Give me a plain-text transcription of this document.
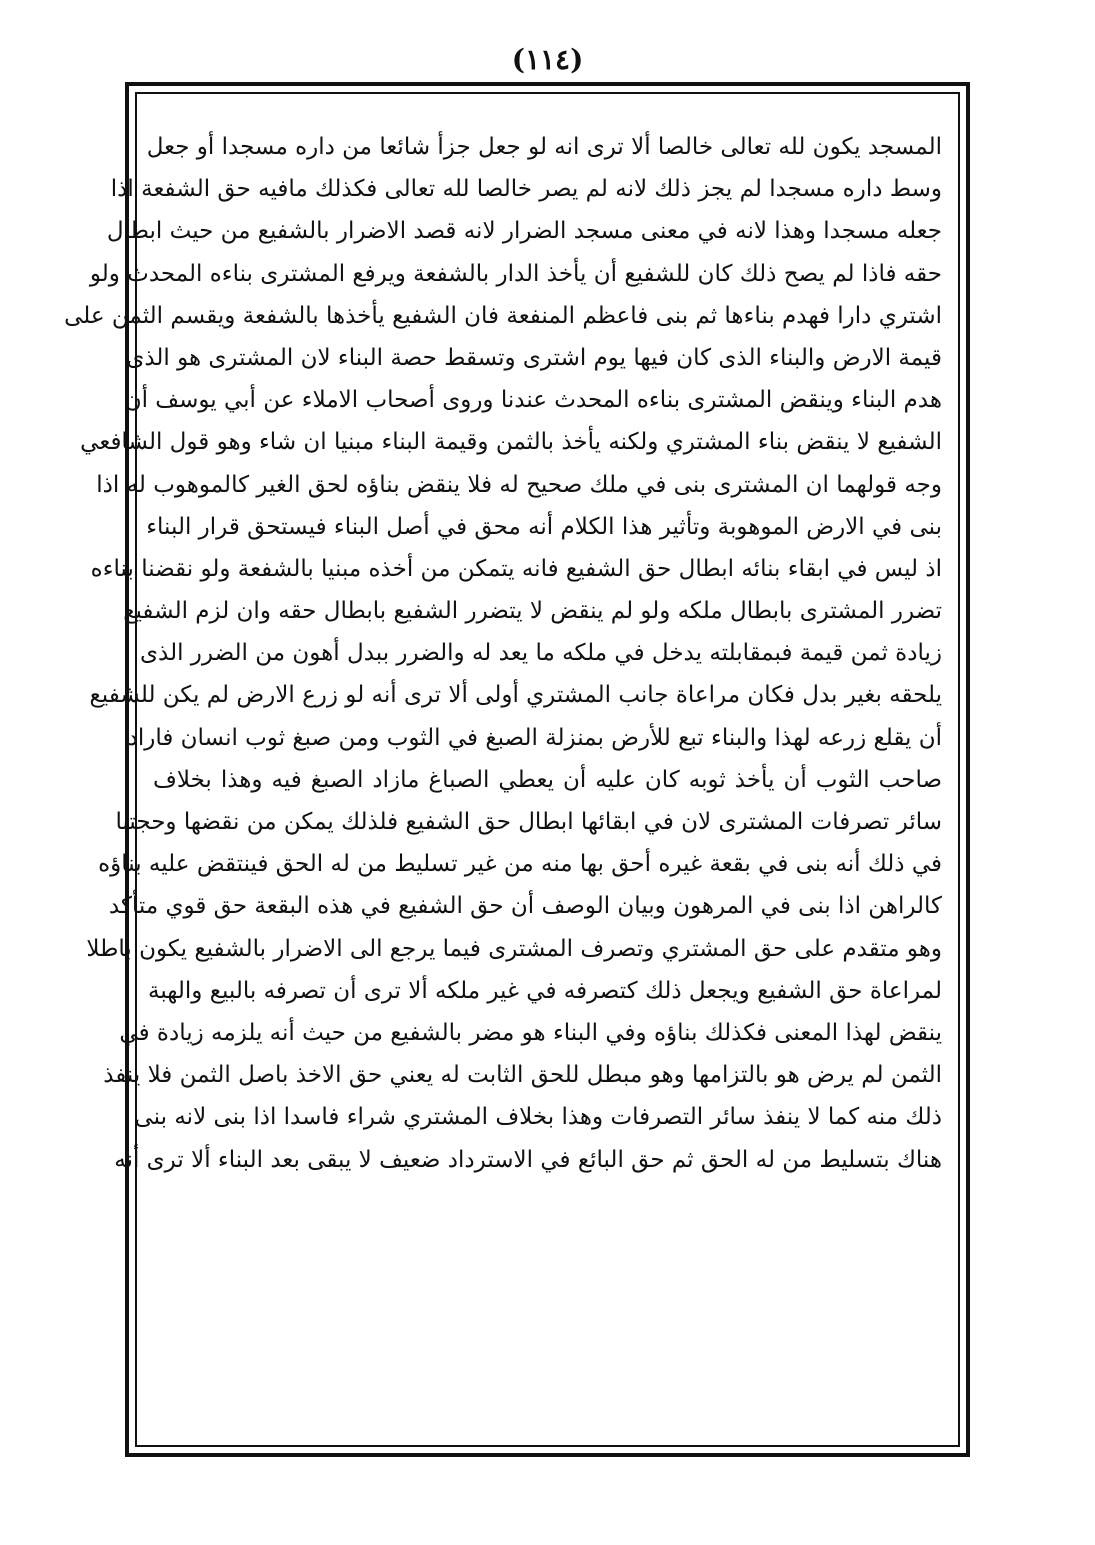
(١١٤)
المسجد يكون لله تعالى خالصا ألا ترى انه لو جعل جزأ شائعا من داره مسجدا أو جعل
وسط داره مسجدا لم يجز ذلك لانه لم يصر خالصا لله تعالى فكذلك مافيه حق الشفعة اذا
جعله مسجدا وهذا لانه في معنى مسجد الضرار لانه قصد الاضرار بالشفيع من حيث ابطال
حقه فاذا لم يصح ذلك كان للشفيع أن يأخذ الدار بالشفعة ويرفع المشترى بناءه المحدث ولو
اشتري دارا فهدم بناءها ثم بنى فاعظم المنفعة فان الشفيع يأخذها بالشفعة ويقسم الثمن على
قيمة الارض والبناء الذى كان فيها يوم اشترى وتسقط حصة البناء لان المشترى هو الذى
هدم البناء وينقض المشترى بناءه المحدث عندنا وروى أصحاب الاملاء عن أبي يوسف أن
الشفيع لا ينقض بناء المشتري ولكنه يأخذ بالثمن وقيمة البناء مبنيا ان شاء وهو قول الشافعي
وجه قولهما ان المشترى بنى في ملك صحيح له فلا ينقض بناؤه لحق الغير كالموهوب له اذا
بنى في الارض الموهوبة وتأثير هذا الكلام أنه محق في أصل البناء فيستحق قرار البناء
اذ ليس في ابقاء بنائه ابطال حق الشفيع فانه يتمكن من أخذه مبنيا بالشفعة ولو نقضنا بناءه
تضرر المشترى بابطال ملكه ولو لم ينقض لا يتضرر الشفيع بابطال حقه وان لزم الشفيع
زيادة ثمن قيمة فبمقابلته يدخل في ملكه ما يعد له والضرر ببدل أهون من الضرر الذى
يلحقه بغير بدل فكان مراعاة جانب المشتري أولى ألا ترى أنه لو زرع الارض لم يكن للشفيع
أن يقلع زرعه لهذا والبناء تبع للأرض بمنزلة الصبغ في الثوب ومن صبغ ثوب انسان فاراد
صاحب الثوب أن يأخذ ثوبه كان عليه أن يعطي الصباغ مازاد الصبغ فيه وهذا بخلاف
سائر تصرفات المشترى لان في ابقائها ابطال حق الشفيع فلذلك يمكن من نقضها وحجتنا
في ذلك أنه بنى في بقعة غيره أحق بها منه من غير تسليط من له الحق فينتقض عليه بناؤه
كالراهن اذا بنى في المرهون وبيان الوصف أن حق الشفيع في هذه البقعة حق قوي متأكد
وهو متقدم على حق المشتري وتصرف المشترى فيما يرجع الى الاضرار بالشفيع يكون باطلا
لمراعاة حق الشفيع ويجعل ذلك كتصرفه في غير ملكه ألا ترى أن تصرفه بالبيع والهبة
ينقض لهذا المعنى فكذلك بناؤه وفي البناء هو مضر بالشفيع من حيث أنه يلزمه زيادة في
الثمن لم يرض هو بالتزامها وهو مبطل للحق الثابت له يعني حق الاخذ باصل الثمن فلا ينفذ
ذلك منه كما لا ينفذ سائر التصرفات وهذا بخلاف المشتري شراء فاسدا اذا بنى لانه بنى
هناك بتسليط من له الحق ثم حق البائع في الاسترداد ضعيف لا يبقى بعد البناء ألا ترى أنه
